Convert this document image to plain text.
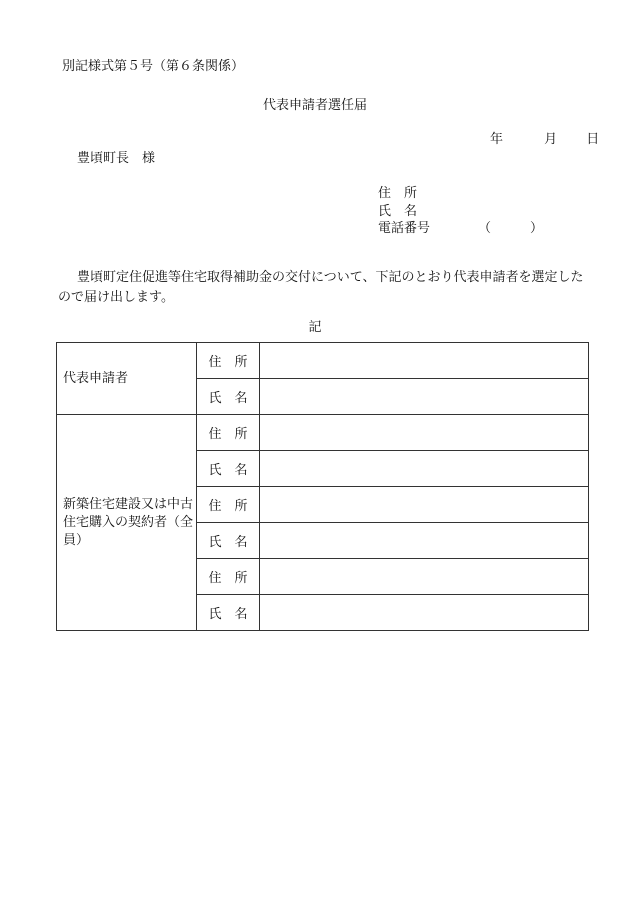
別記様式第５号（第６条関係）
代表申請者選任届
年	月 日
豊頃町長　様
住　所
氏　名
電話番号	（　　　）
豊頃町定住促進等住宅取得補助金の交付について、下記のとおり代表申請者を選定したので届け出します。
記
代表申請者	住　所	
	氏　名	
新築住宅建設又は中古住宅購入の契約者（全員）	住　所	
	氏　名	
	住　所	
	氏　名	
	住　所	
	氏　名	
